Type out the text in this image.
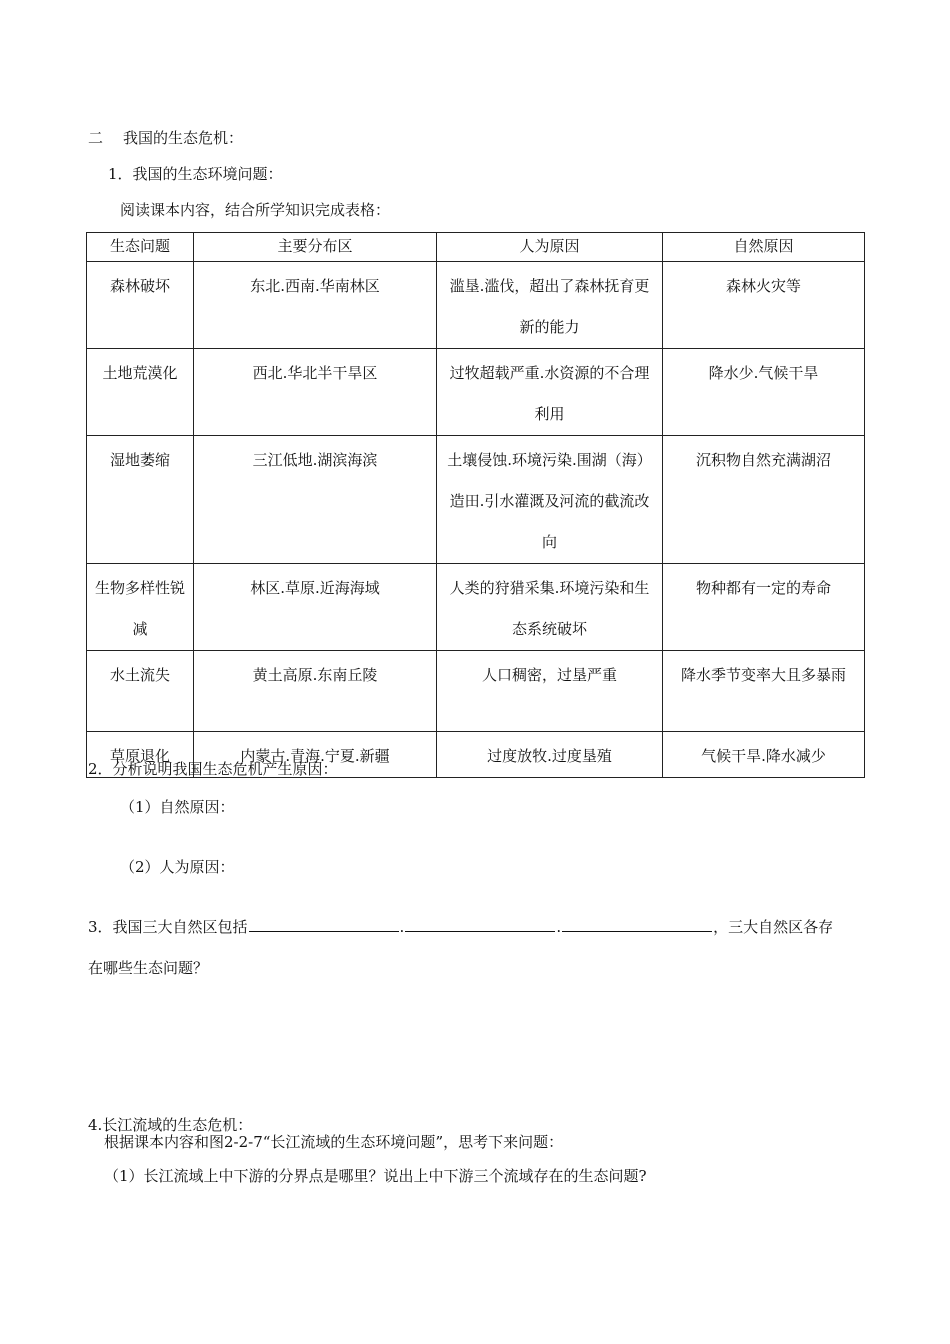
二 我国的生态危机：
1．我国的生态环境问题：
阅读课本内容，结合所学知识完成表格：
生态问题	主要分布区	人为原因	自然原因
森林破坏	东北.西南.华南林区	滥垦.滥伐，超出了森林抚育更新的能力	森林火灾等
土地荒漠化	西北.华北半干旱区	过牧超载严重.水资源的不合理利用	降水少.气候干旱
湿地萎缩	三江低地.湖滨海滨	土壤侵蚀.环境污染.围湖（海）造田.引水灌溉及河流的截流改向	沉积物自然充满湖沼
生物多样性锐减	林区.草原.近海海域	人类的狩猎采集.环境污染和生态系统破坏	物种都有一定的寿命
水土流失	黄土高原.东南丘陵	人口稠密，过垦严重	降水季节变率大且多暴雨
草原退化	内蒙古.青海.宁夏.新疆	过度放牧.过度垦殖	气候干旱.降水减少
2．分析说明我国生态危机产生原因：
（1）自然原因：
（2）人为原因：
3．我国三大自然区包括	.	.	，三大自然区各存
在哪些生态问题？
4.长江流域的生态危机：
根据课本内容和图2-2-7“长江流域的生态环境问题”，思考下来问题：
（1）长江流域上中下游的分界点是哪里？说出上中下游三个流域存在的生态问题?
